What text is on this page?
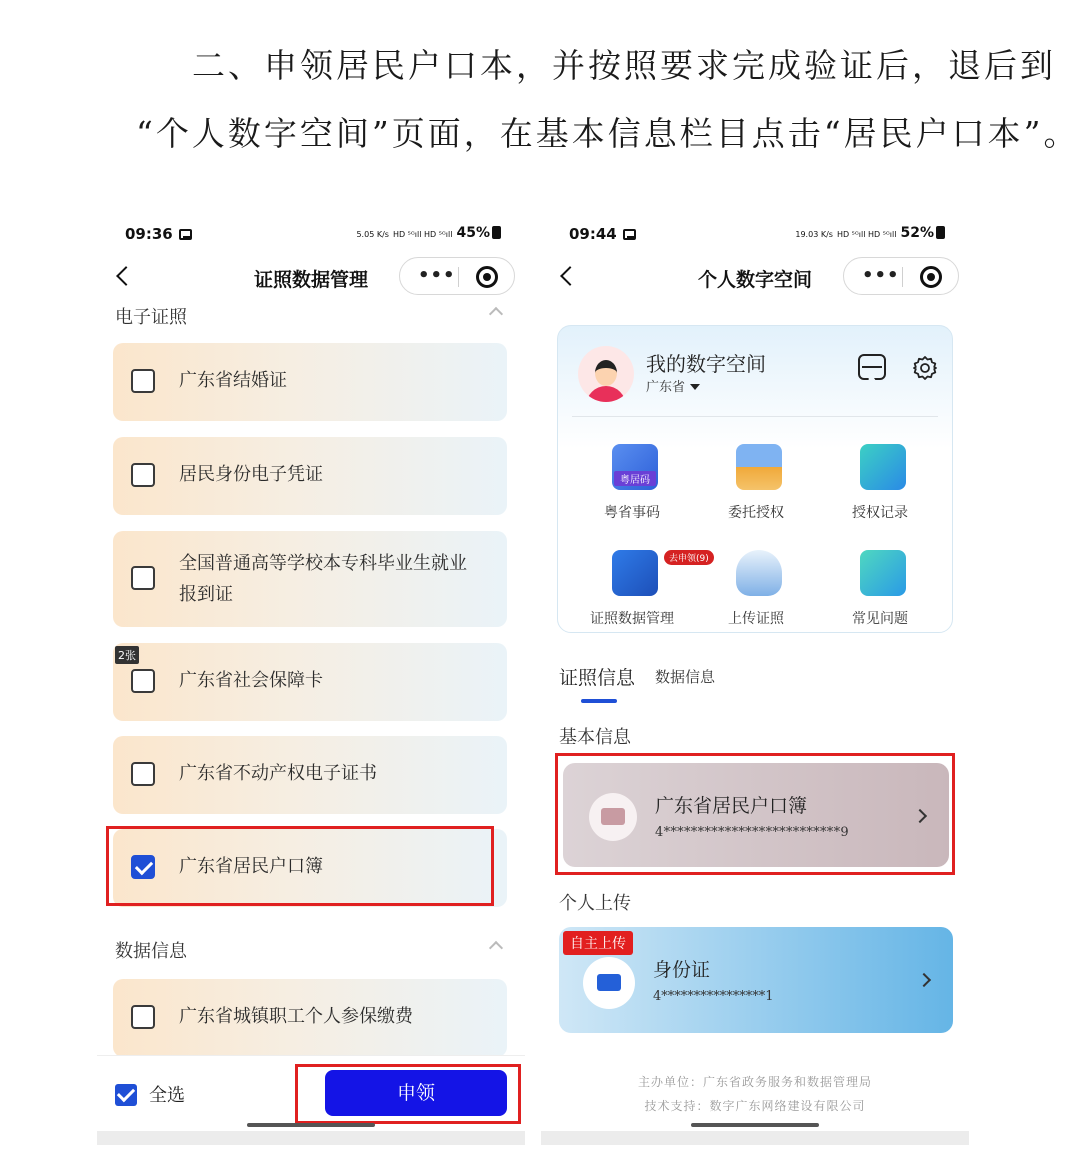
二、申领居民户口本，并按照要求完成验证后，退后到
“个人数字空间”页面，在基本信息栏目点击“居民户口本”。
09:36	5.05 K/s HD ⁵ᴳıll HD ⁵ᴳıll 45%
证照数据管理	•••
电子证照
广东省结婚证
居民身份电子凭证
全国普通高等学校本专科毕业生就业报到证
广东省社会保障卡
2张
广东省不动产权电子证书
广东省居民户口簿
数据信息
广东省城镇职工个人参保缴费
全选	申领
09:44	19.03 K/s HD ⁵ᴳıll HD ⁵ᴳıll 52%
个人数字空间	•••
我的数字空间
广东省
粤居码
粤省事码	委托授权	授权记录
去申领(9)
证照数据管理	上传证照	常见问题
证照信息 数据信息
基本信息
广东省居民户口簿
4**************************9
个人上传
自主上传
身份证
4****************1
主办单位：广东省政务服务和数据管理局
技术支持：数字广东网络建设有限公司
